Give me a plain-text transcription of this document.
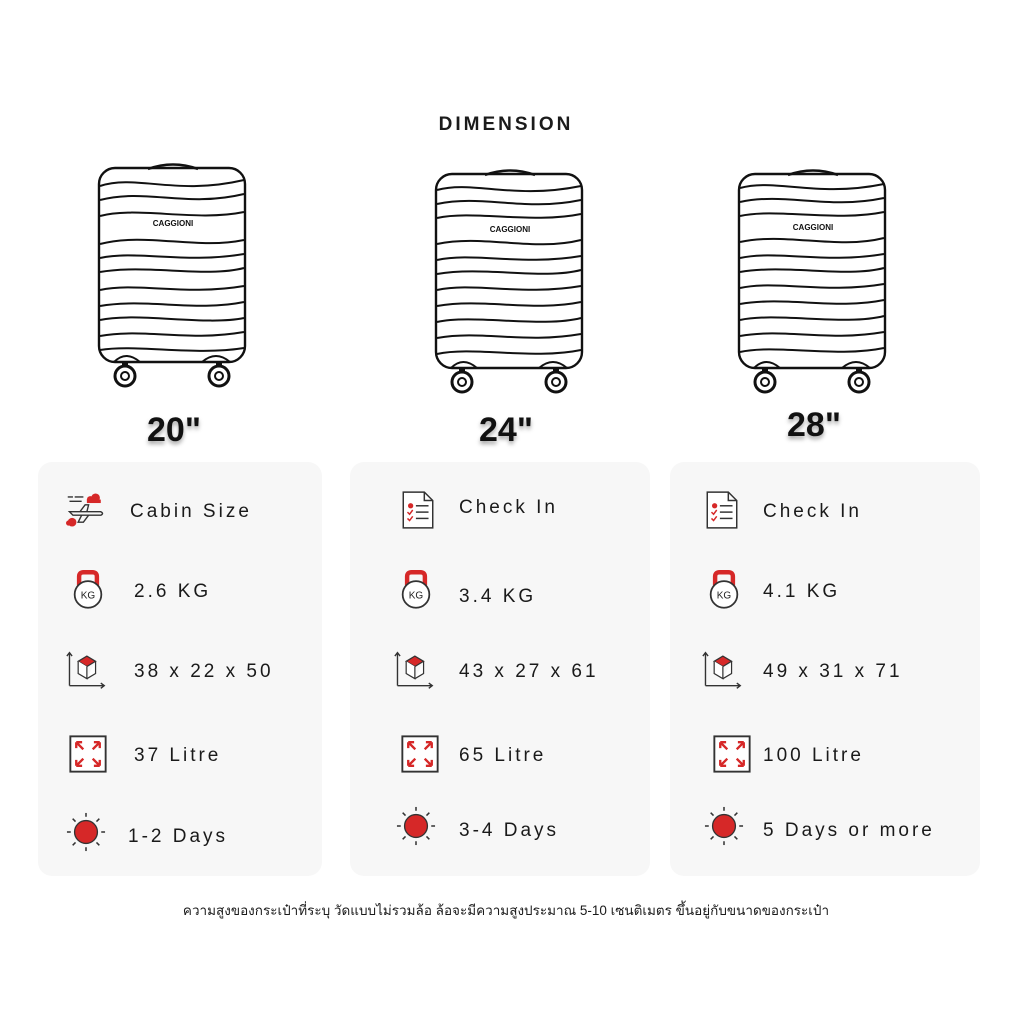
DIMENSION
CAGGIONI
CAGGIONI	CAGGIONI
20"	24"	28"
Cabin Size
KG 2.6 KG
38 x 22 x 50
37 Litre
1-2 Days
Check In
KG 3.4 KG
43 x 27 x 61
65 Litre
3-4 Days
Check In
KG 4.1 KG
49 x 31 x 71
100 Litre
5 Days or more
ความสูงของกระเป๋าที่ระบุ วัดแบบไม่รวมล้อ ล้อจะมีความสูงประมาณ 5-10 เซนติเมตร ขึ้นอยู่กับขนาดของกระเป๋า
